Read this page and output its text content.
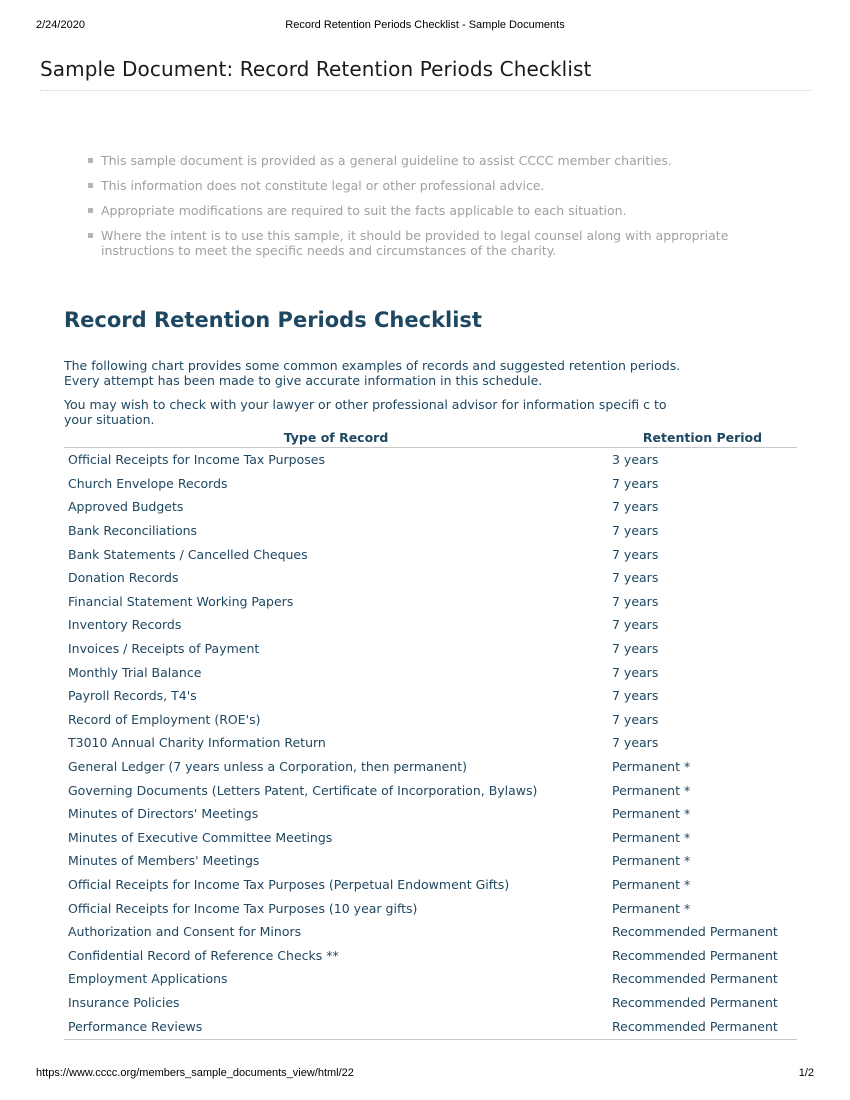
2/24/2020	Record Retention Periods Checklist - Sample Documents
Sample Document: Record Retention Periods Checklist
This sample document is provided as a general guideline to assist CCCC member charities.
This information does not constitute legal or other professional advice.
Appropriate modifications are required to suit the facts applicable to each situation.
Where the intent is to use this sample, it should be provided to legal counsel along with appropriate instructions to meet the specific needs and circumstances of the charity.
Record Retention Periods Checklist

The following chart provides some common examples of records and suggested retention periods. Every attempt has been made to give accurate information in this schedule.

You may wish to check with your lawyer or other professional advisor for information specifi c to your situation.

Type of Record	Retention Period
Official Receipts for Income Tax Purposes	3 years
Church Envelope Records	7 years
Approved Budgets	7 years
Bank Reconciliations	7 years
Bank Statements / Cancelled Cheques	7 years
Donation Records	7 years
Financial Statement Working Papers	7 years
Inventory Records	7 years
Invoices / Receipts of Payment	7 years
Monthly Trial Balance	7 years
Payroll Records, T4's	7 years
Record of Employment (ROE's)	7 years
T3010 Annual Charity Information Return	7 years
General Ledger (7 years unless a Corporation, then permanent)	Permanent *
Governing Documents (Letters Patent, Certificate of Incorporation, Bylaws)	Permanent *
Minutes of Directors' Meetings	Permanent *
Minutes of Executive Committee Meetings	Permanent *
Minutes of Members' Meetings	Permanent *
Official Receipts for Income Tax Purposes (Perpetual Endowment Gifts)	Permanent *
Official Receipts for Income Tax Purposes (10 year gifts)	Permanent *
Authorization and Consent for Minors	Recommended Permanent
Confidential Record of Reference Checks **	Recommended Permanent
Employment Applications	Recommended Permanent
Insurance Policies	Recommended Permanent
Performance Reviews	Recommended Permanent
https://www.cccc.org/members_sample_documents_view/html/22	1/2
